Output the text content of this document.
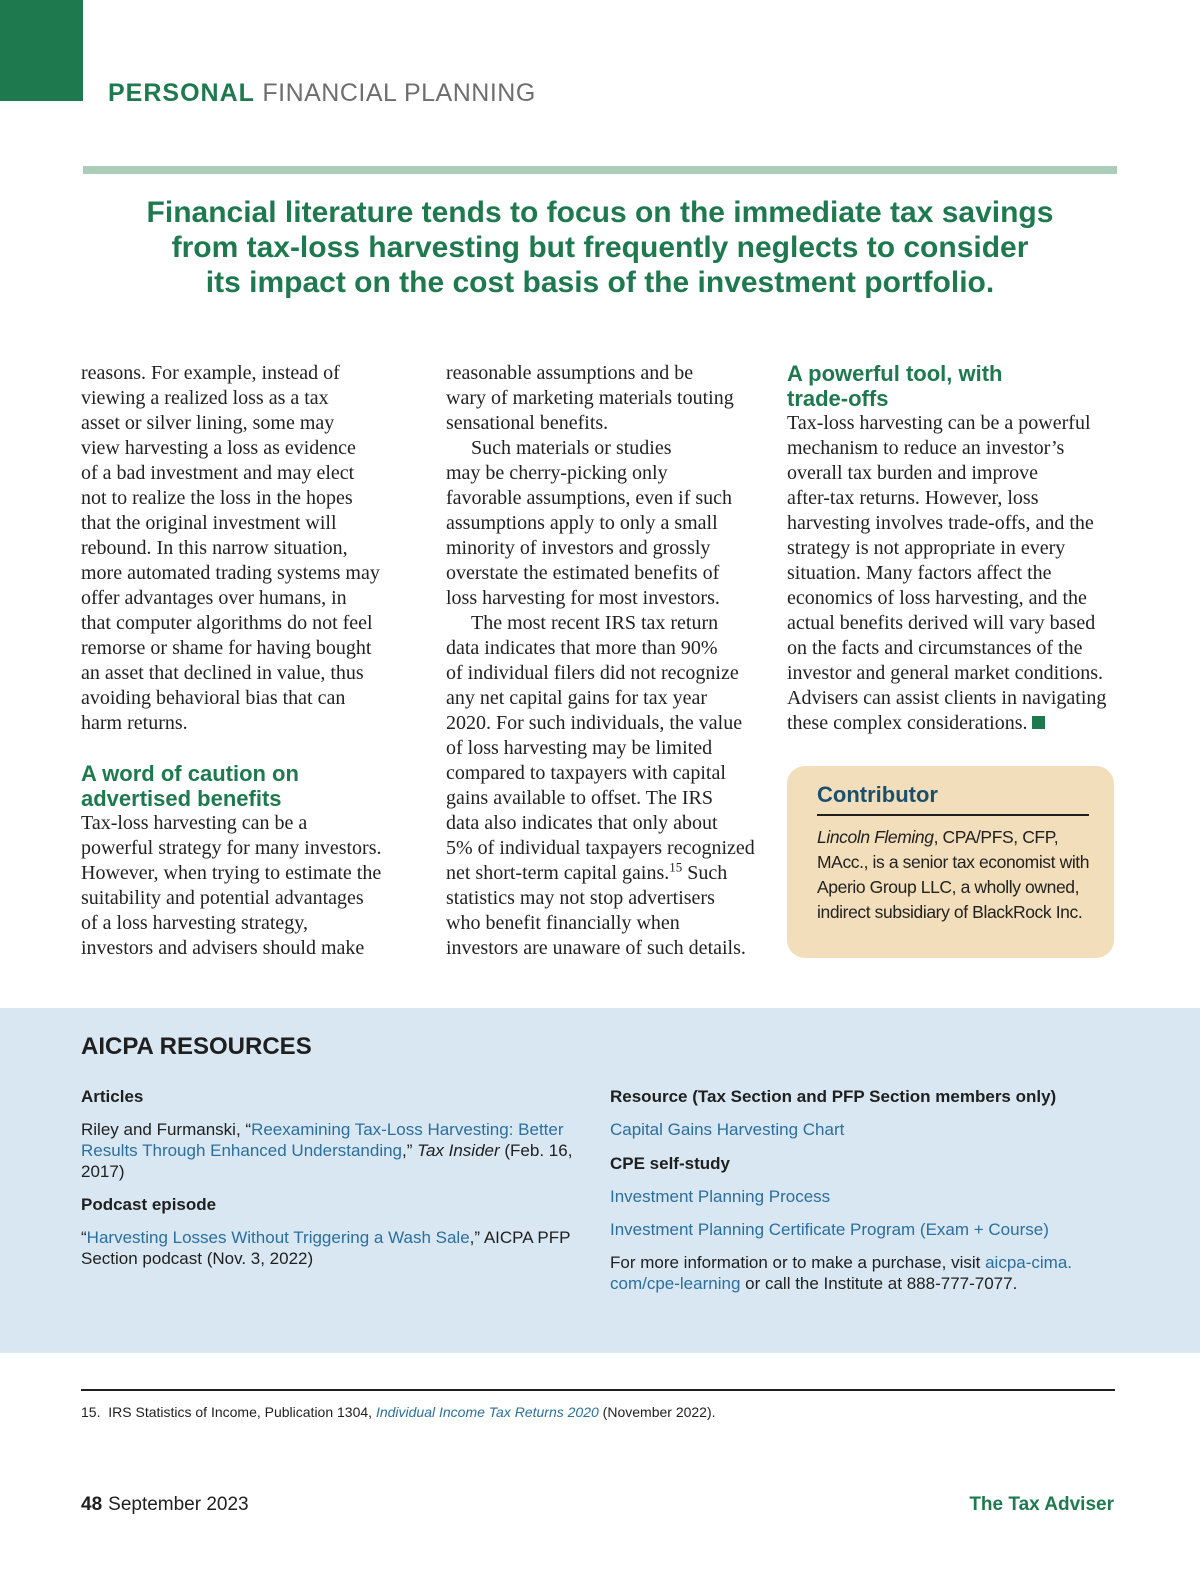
PERSONAL FINANCIAL PLANNING
Financial literature tends to focus on the immediate tax savings
from tax-loss harvesting but frequently neglects to consider
its impact on the cost basis of the investment portfolio.
reasons. For example, instead of
viewing a realized loss as a tax
asset or silver lining, some may
view harvesting a loss as evidence
of a bad investment and may elect
not to realize the loss in the hopes
that the original investment will
rebound. In this narrow situation,
more automated trading systems may
offer advantages over humans, in
that computer algorithms do not feel
remorse or shame for having bought
an asset that declined in value, thus
avoiding behavioral bias that can
harm returns.
A word of caution on
advertised benefits
Tax-loss harvesting can be a
powerful strategy for many investors.
However, when trying to estimate the
suitability and potential advantages
of a loss harvesting strategy,
investors and advisers should make
reasonable assumptions and be
wary of marketing materials touting
sensational benefits.
Such materials or studies
may be cherry-picking only
favorable assumptions, even if such
assumptions apply to only a small
minority of investors and grossly
overstate the estimated benefits of
loss harvesting for most investors.
The most recent IRS tax return
data indicates that more than 90%
of individual filers did not recognize
any net capital gains for tax year
2020. For such individuals, the value
of loss harvesting may be limited
compared to taxpayers with capital
gains available to offset. The IRS
data also indicates that only about
5% of individual taxpayers recognized
net short-term capital gains.$^{15}$ Such
statistics may not stop advertisers
who benefit financially when
investors are unaware of such details.
A powerful tool, with
trade-offs
Tax-loss harvesting can be a powerful
mechanism to reduce an investor’s
overall tax burden and improve
after-tax returns. However, loss
harvesting involves trade-offs, and the
strategy is not appropriate in every
situation. Many factors affect the
economics of loss harvesting, and the
actual benefits derived will vary based
on the facts and circumstances of the
investor and general market conditions.
Advisers can assist clients in navigating
these complex considerations.
Contributor
Lincoln Fleming, CPA/PFS, CFP,
MAcc., is a senior tax economist with
Aperio Group LLC, a wholly owned,
indirect subsidiary of BlackRock Inc.
AICPA RESOURCES
Articles
Riley and Furmanski, “Reexamining Tax-Loss Harvesting: Better
Results Through Enhanced Understanding,” Tax Insider (Feb. 16,
2017)
Podcast episode
“Harvesting Losses Without Triggering a Wash Sale,” AICPA PFP
Section podcast (Nov. 3, 2022)
Resource (Tax Section and PFP Section members only)
Capital Gains Harvesting Chart
CPE self-study
Investment Planning Process
Investment Planning Certificate Program (Exam + Course)
For more information or to make a purchase, visit aicpa-cima.
com/cpe-learning or call the Institute at 888-777-7077.
15. IRS Statistics of Income, Publication 1304, Individual Income Tax Returns 2020 (November 2022).
48 September 2023	The Tax Adviser
